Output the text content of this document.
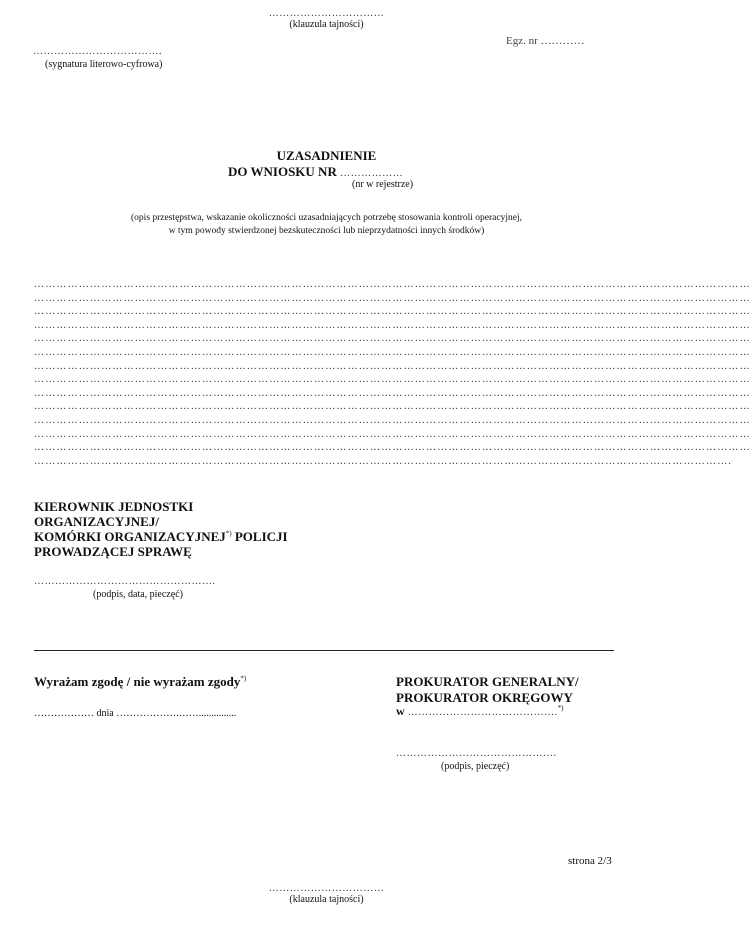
……………………………
(klauzula tajności)
……………………………….
(sygnatura literowo-cyfrowa)
Egz. nr …………
UZASADNIENIE
DO WNIOSKU NR ………………
(nr w rejestrze)
(opis przestępstwa, wskazanie okoliczności uzasadniających potrzebę stosowania kontroli operacyjnej,
w tym powody stwierdzonej bezskuteczności lub nieprzydatności innych środków)
…………………………………………………………………………………………………………………………………………………………………………
…………………………………………………………………………………………………………………………………………………………………………
…………………………………………………………………………………………………………………………………………………………………………
…………………………………………………………………………………………………………………………………………………………………………
…………………………………………………………………………………………………………………………………………………………………………
…………………………………………………………………………………………………………………………………………………………………………
…………………………………………………………………………………………………………………………………………………………………………
…………………………………………………………………………………………………………………………………………………………………………
…………………………………………………………………………………………………………………………………………………………………………
…………………………………………………………………………………………………………………………………………………………………………
…………………………………………………………………………………………………………………………………………………………………………
…………………………………………………………………………………………………………………………………………………………………………
…………………………………………………………………………………………………………………………………………………………………………
…………………………………………………………………………………………………………………………………………………………………….
KIEROWNIK JEDNOSTKI
ORGANIZACYJNEJ/
KOMÓRKI ORGANIZACYJNEJ*) POLICJI
PROWADZĄCEJ SPRAWĘ
…………………………………………….
(podpis, data, pieczęć)
Wyrażam zgodę / nie wyrażam zgody*)
……………… dnia ……………….……...............
PROKURATOR GENERALNY/
PROKURATOR OKRĘGOWY
w …………………………………….*)
……………………………………….
(podpis, pieczęć)
strona 2/3
……………………………
(klauzula tajności)
